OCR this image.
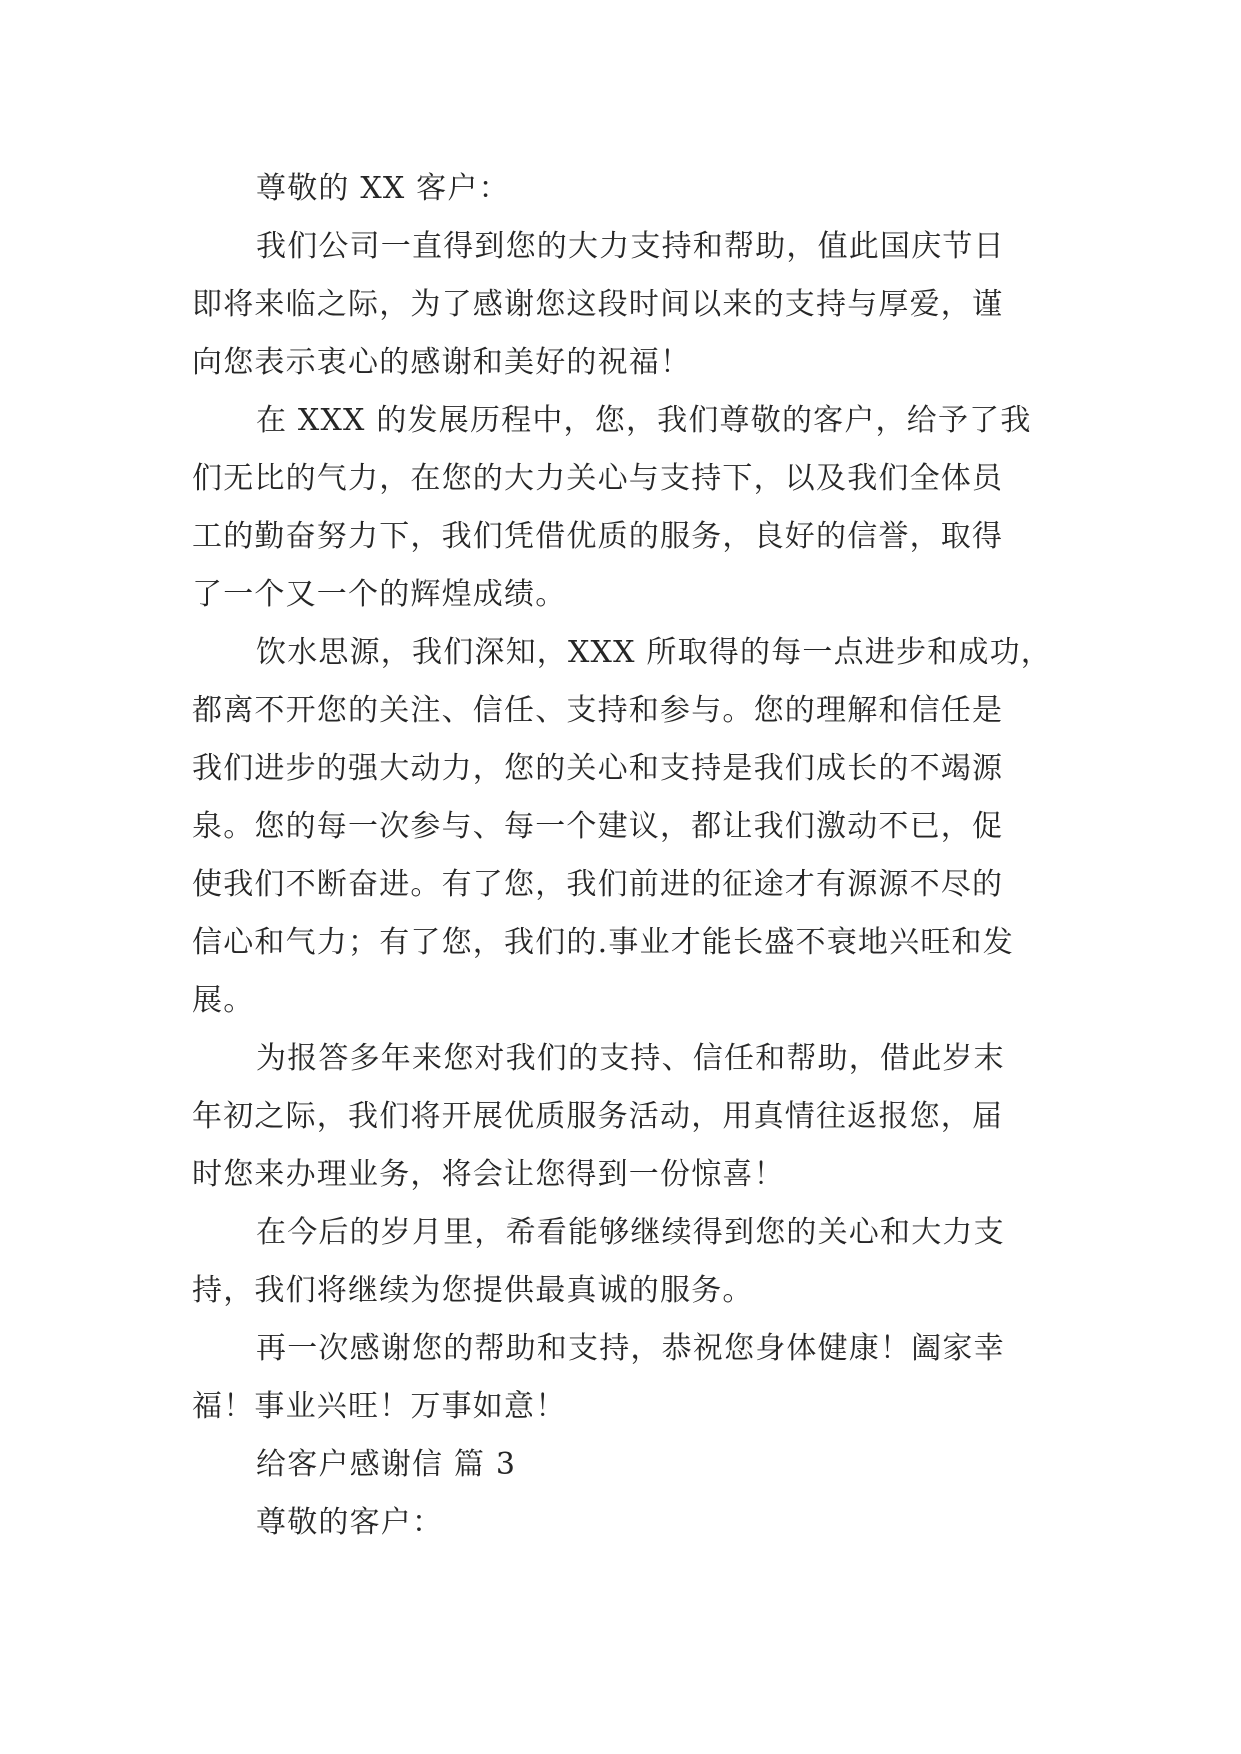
尊敬的 XX 客户：
我们公司一直得到您的大力支持和帮助，值此国庆节日
即将来临之际，为了感谢您这段时间以来的支持与厚爱，谨
向您表示衷心的感谢和美好的祝福！
在 XXX 的发展历程中，您，我们尊敬的客户，给予了我
们无比的气力，在您的大力关心与支持下，以及我们全体员
工的勤奋努力下，我们凭借优质的服务，良好的信誉，取得
了一个又一个的辉煌成绩。
饮水思源，我们深知，XXX 所取得的每一点进步和成功，
都离不开您的关注、信任、支持和参与。您的理解和信任是
我们进步的强大动力，您的关心和支持是我们成长的不竭源
泉。您的每一次参与、每一个建议，都让我们激动不已，促
使我们不断奋进。有了您，我们前进的征途才有源源不尽的
信心和气力；有了您，我们的.事业才能长盛不衰地兴旺和发
展。
为报答多年来您对我们的支持、信任和帮助，借此岁末
年初之际，我们将开展优质服务活动，用真情往返报您，届
时您来办理业务，将会让您得到一份惊喜！
在今后的岁月里，希看能够继续得到您的关心和大力支
持，我们将继续为您提供最真诚的服务。
再一次感谢您的帮助和支持，恭祝您身体健康！阖家幸
福！事业兴旺！万事如意！
给客户感谢信 篇 3
尊敬的客户：
